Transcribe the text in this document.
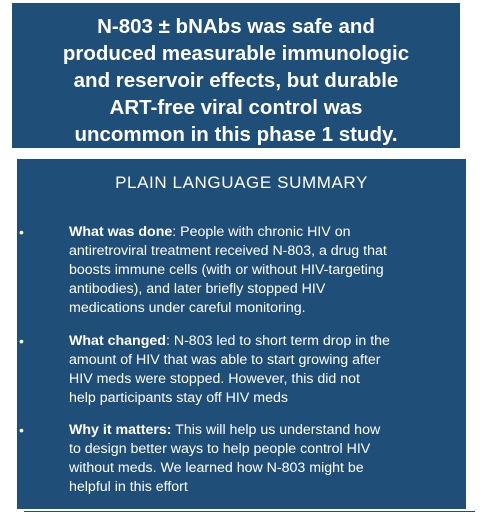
N-803 ± bNAbs was safe and
produced measurable immunologic
and reservoir effects, but durable
ART-free viral control was
uncommon in this phase 1 study.
PLAIN LANGUAGE SUMMARY
•	What was done: People with chronic HIV on
antiretroviral treatment received N-803, a drug that
boosts immune cells (with or without HIV-targeting
antibodies), and later briefly stopped HIV
medications under careful monitoring.
•	What changed: N-803 led to short term drop in the
amount of HIV that was able to start growing after
HIV meds were stopped. However, this did not
help participants stay off HIV meds
•	Why it matters: This will help us understand how
to design better ways to help people control HIV
without meds. We learned how N-803 might be
helpful in this effort
